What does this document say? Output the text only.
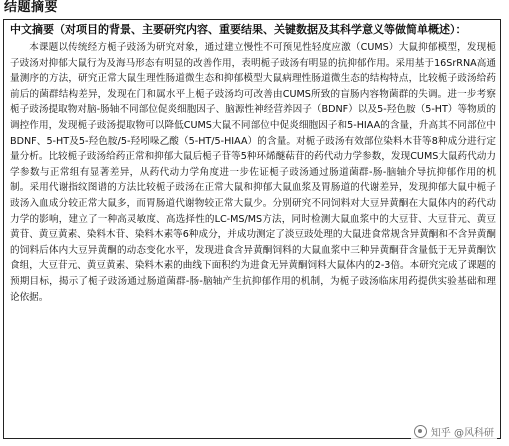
结题摘要
中文摘要（对项目的背景、主要研究内容、重要结果、关键数据及其科学意义等做简单概述）：
本课题以传统经方栀子豉汤为研究对象，通过建立慢性不可预见性轻度应激（CUMS）大鼠抑郁模型，发现栀子豉汤对抑郁大鼠行为及海马形态有明显的改善作用，表明栀子豉汤有明显的抗抑郁作用。采用基于16SrRNA高通量测序的方法，研究正常大鼠生理性肠道微生态和抑郁模型大鼠病理性肠道微生态的结构特点，比较栀子豉汤给药前后的菌群结构差异，发现在门和属水平上栀子豉汤均可改善由CUMS所致的盲肠内容物菌群的失调。进一步考察栀子豉汤提取物对脑-肠轴不同部位促炎细胞因子、脑源性神经营养因子（BDNF）以及5-羟色胺（5-HT）等物质的调控作用，发现栀子豉汤提取物可以降低CUMS大鼠不同部位中促炎细胞因子和5-HIAA的含量，升高其不同部位中BDNF、5-HT及5-羟色胺/5-羟吲哚乙酸（5-HT/5-HIAA）的含量。对栀子豉汤有效部位染料木苷等8种成分进行定量分析。比较栀子豉汤给药正常和抑郁大鼠后栀子苷等5种环烯醚萜苷的药代动力学参数，发现CUMS大鼠药代动力学参数与正常组有显著差异，从药代动力学角度进一步佐证栀子豉汤通过肠道菌群-肠-脑轴介导抗抑郁作用的机制。采用代谢指纹图谱的方法比较栀子豉汤在正常大鼠和抑郁大鼠血浆及胃肠道的代谢差异，发现抑郁大鼠中栀子豉汤入血成分较正常大鼠多，而胃肠道代谢物较正常大鼠少。分别研究不同饲料对大豆异黄酮在大鼠体内的药代动力学的影响，建立了一种高灵敏度、高选择性的LC-MS/MS方法，同时检测大鼠血浆中的大豆苷、大豆苷元、黄豆黄苷、黄豆黄素、染料木苷、染料木素等6种成分，并成功测定了淡豆豉处理的大鼠进食常规含异黄酮和不含异黄酮的饲料后体内大豆异黄酮的动态变化水平，发现进食含异黄酮饲料的大鼠血浆中三种异黄酮苷含量低于无异黄酮饮食组，大豆苷元、黄豆黄素、染料木素的曲线下面积约为进食无异黄酮饲料大鼠体内的2-3倍。本研究完成了课题的预期目标，揭示了栀子豉汤通过肠道菌群-肠-脑轴产生抗抑郁作用的机制，为栀子豉汤临床用药提供实验基础和理论依据。
知乎 @风科研
